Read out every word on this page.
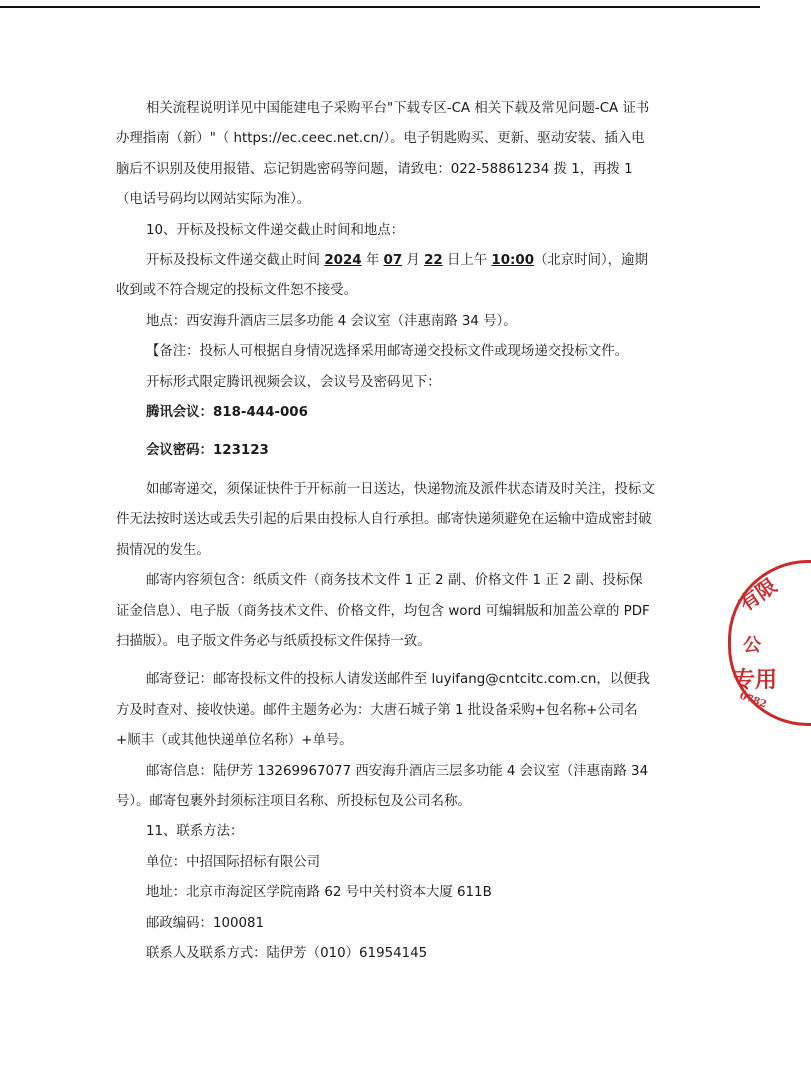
相关流程说明详见中国能建电子采购平台"下载专区-CA 相关下载及常见问题-CA 证书办理指南（新）"（ https://ec.ceec.net.cn/）。电子钥匙购买、更新、驱动安装、插入电脑后不识别及使用报错、忘记钥匙密码等问题，请致电：022-58861234 拨 1，再拨 1（电话号码均以网站实际为准）。

10、开标及投标文件递交截止时间和地点：

开标及投标文件递交截止时间 2024 年 07 月 22 日上午 10:00（北京时间），逾期收到或不符合规定的投标文件恕不接受。

地点：西安海升酒店三层多功能 4 会议室（沣惠南路 34 号）。

【备注：投标人可根据自身情况选择采用邮寄递交投标文件或现场递交投标文件。

开标形式限定腾讯视频会议，会议号及密码见下：

腾讯会议：818-444-006

会议密码：123123

如邮寄递交，须保证快件于开标前一日送达，快递物流及派件状态请及时关注，投标文件无法按时送达或丢失引起的后果由投标人自行承担。邮寄快递须避免在运输中造成密封破损情况的发生。

邮寄内容须包含：纸质文件（商务技术文件 1 正 2 副、价格文件 1 正 2 副、投标保证金信息）、电子版（商务技术文件、价格文件，均包含 word 可编辑版和加盖公章的 PDF 扫描版）。电子版文件务必与纸质投标文件保持一致。

邮寄登记：邮寄投标文件的投标人请发送邮件至 luyifang@cntcitc.com.cn，以便我方及时查对、接收快递。邮件主题务必为：大唐石城子第 1 批设备采购+包名称+公司名+顺丰（或其他快递单位名称）+单号。

邮寄信息：陆伊芳 13269967077 西安海升酒店三层多功能 4 会议室（沣惠南路 34 号）。邮寄包裹外封须标注项目名称、所投标包及公司名称。

11、联系方法：

单位：中招国际招标有限公司

地址：北京市海淀区学院南路 62 号中关村资本大厦 611B

邮政编码：100081

联系人及联系方式：陆伊芳（010）61954145

有限
公
专用
0782
